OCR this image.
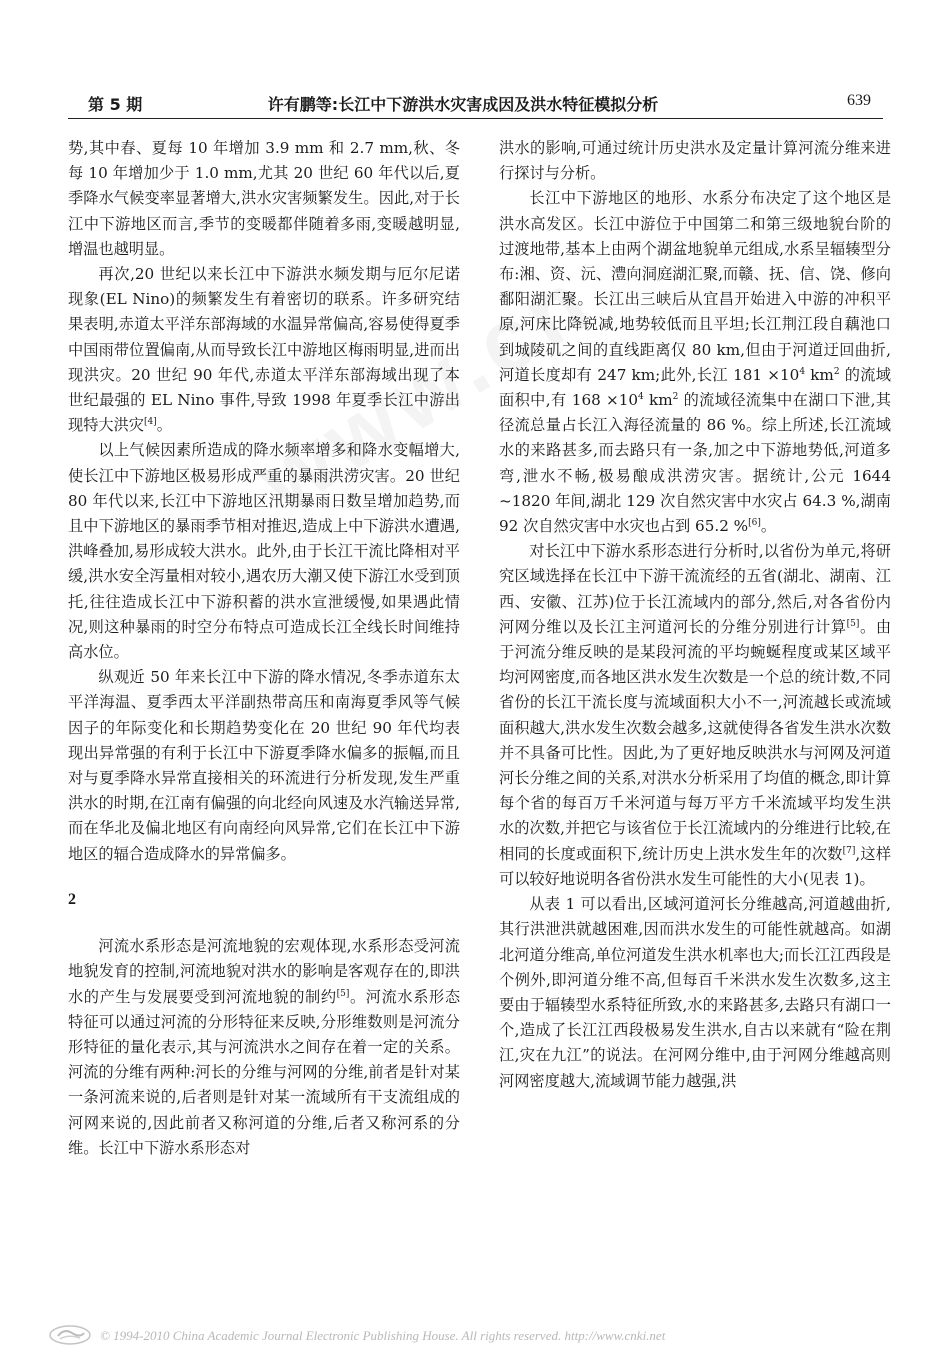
第 5 期	许有鹏等:长江中下游洪水灾害成因及洪水特征模拟分析	639

势,其中春、夏每 10 年增加 3.9 mm 和 2.7 mm,秋、冬每 10 年增加少于 1.0 mm,尤其 20 世纪 60 年代以后,夏季降水气候变率显著增大,洪水灾害频繁发生。因此,对于长江中下游地区而言,季节的变暖都伴随着多雨,变暖越明显,增温也越明显。

再次,20 世纪以来长江中下游洪水频发期与厄尔尼诺现象(EL Nino)的频繁发生有着密切的联系。许多研究结果表明,赤道太平洋东部海域的水温异常偏高,容易使得夏季中国雨带位置偏南,从而导致长江中游地区梅雨明显,进而出现洪灾。20 世纪 90 年代,赤道太平洋东部海域出现了本世纪最强的 EL Nino 事件,导致 1998 年夏季长江中游出现特大洪灾[4]。

以上气候因素所造成的降水频率增多和降水变幅增大,使长江中下游地区极易形成严重的暴雨洪涝灾害。20 世纪 80 年代以来,长江中下游地区汛期暴雨日数呈增加趋势,而且中下游地区的暴雨季节相对推迟,造成上中下游洪水遭遇,洪峰叠加,易形成较大洪水。此外,由于长江干流比降相对平缓,洪水安全泻量相对较小,遇农历大潮又使下游江水受到顶托,往往造成长江中下游积蓄的洪水宣泄缓慢,如果遇此情况,则这种暴雨的时空分布特点可造成长江全线长时间维持高水位。

纵观近 50 年来长江中下游的降水情况,冬季赤道东太平洋海温、夏季西太平洋副热带高压和南海夏季风等气候因子的年际变化和长期趋势变化在 20 世纪 90 年代均表现出异常强的有利于长江中下游夏季降水偏多的振幅,而且对与夏季降水异常直接相关的环流进行分析发现,发生严重洪水的时期,在江南有偏强的向北经向风速及水汽输送异常,而在华北及偏北地区有向南经向风异常,它们在长江中下游地区的辐合造成降水的异常偏多。

2

河流水系形态是河流地貌的宏观体现,水系形态受河流地貌发育的控制,河流地貌对洪水的影响是客观存在的,即洪水的产生与发展要受到河流地貌的制约[5]。河流水系形态特征可以通过河流的分形特征来反映,分形维数则是河流分形特征的量化表示,其与河流洪水之间存在着一定的关系。河流的分维有两种:河长的分维与河网的分维,前者是针对某一条河流来说的,后者则是针对某一流域所有干支流组成的河网来说的,因此前者又称河道的分维,后者又称河系的分维。长江中下游水系形态对

洪水的影响,可通过统计历史洪水及定量计算河流分维来进行探讨与分析。

长江中下游地区的地形、水系分布决定了这个地区是洪水高发区。长江中游位于中国第二和第三级地貌台阶的过渡地带,基本上由两个湖盆地貌单元组成,水系呈辐辏型分布:湘、资、沅、澧向洞庭湖汇聚,而赣、抚、信、饶、修向鄱阳湖汇聚。长江出三峡后从宜昌开始进入中游的冲积平原,河床比降锐减,地势较低而且平坦;长江荆江段自藕池口到城陵矶之间的直线距离仅 80 km,但由于河道迂回曲折,河道长度却有 247 km;此外,长江 $181 \times 10^4$ $km^2$ 的流域面积中,有 $168 \times 10^4$ $km^2$ 的流域径流集中在湖口下泄,其径流总量占长江入海径流量的 86 %。综上所述,长江流域水的来路甚多,而去路只有一条,加之中下游地势低,河道多弯,泄水不畅,极易酿成洪涝灾害。据统计,公元 1644 ~1820 年间,湖北 129 次自然灾害中水灾占 64.3 %,湖南 92 次自然灾害中水灾也占到 65.2 %[6]。

对长江中下游水系形态进行分析时,以省份为单元,将研究区域选择在长江中下游干流流经的五省(湖北、湖南、江西、安徽、江苏)位于长江流域内的部分,然后,对各省份内河网分维以及长江主河道河长的分维分别进行计算[5]。由于河流分维反映的是某段河流的平均蜿蜒程度或某区域平均河网密度,而各地区洪水发生次数是一个总的统计数,不同省份的长江干流长度与流域面积大小不一,河流越长或流域面积越大,洪水发生次数会越多,这就使得各省发生洪水次数并不具备可比性。因此,为了更好地反映洪水与河网及河道河长分维之间的关系,对洪水分析采用了均值的概念,即计算每个省的每百万千米河道与每万平方千米流域平均发生洪水的次数,并把它与该省位于长江流域内的分维进行比较,在相同的长度或面积下,统计历史上洪水发生年的次数[7],这样可以较好地说明各省份洪水发生可能性的大小(见表 1)。

从表 1 可以看出,区域河道河长分维越高,河道越曲折,其行洪泄洪就越困难,因而洪水发生的可能性就越高。如湖北河道分维高,单位河道发生洪水机率也大;而长江江西段是个例外,即河道分维不高,但每百千米洪水发生次数多,这主要由于辐辏型水系特征所致,水的来路甚多,去路只有湖口一个,造成了长江江西段极易发生洪水,自古以来就有“险在荆江,灾在九江”的说法。在河网分维中,由于河网分维越高则河网密度越大,流域调节能力越强,洪

© 1994-2010 China Academic Journal Electronic Publishing House. All rights reserved. http://www.cnki.net
